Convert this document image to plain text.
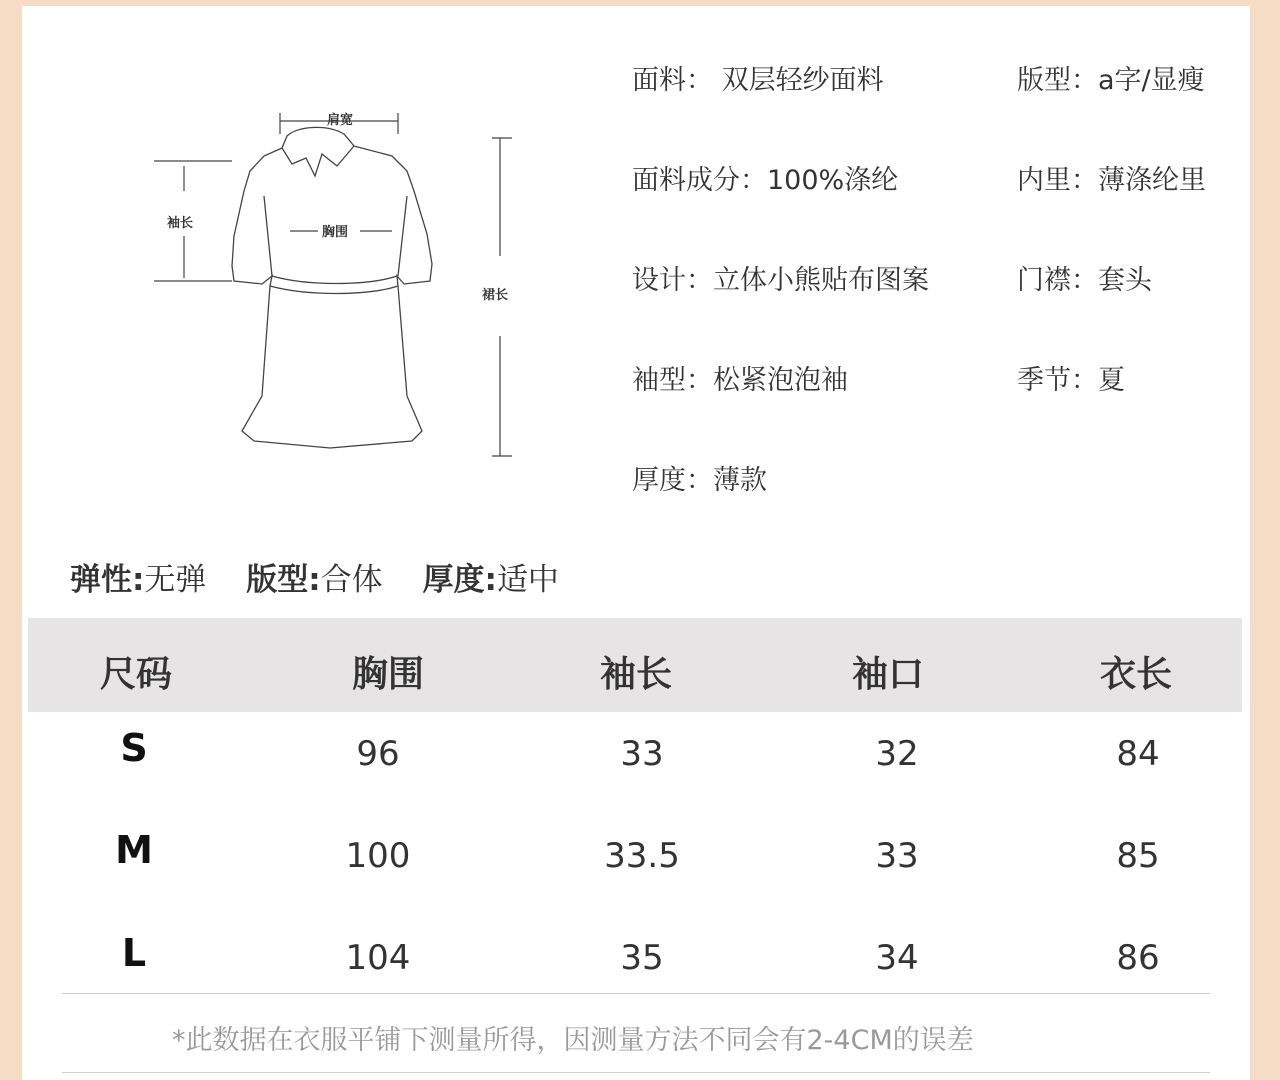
肩宽
袖长
胸围
裙长
面料： 双层轻纱面料	版型：a字/显瘦
面料成分：100%涤纶	内里：薄涤纶里
设计：立体小熊贴布图案	门襟：套头
袖型：松紧泡泡袖	季节：夏
厚度：薄款
弹性:无弹 版型:合体 厚度:适中
尺码	胸围	袖长	袖口	衣长
S	96	33	32	84
M	100	33.5	33	85
L	104	35	34	86
*此数据在衣服平铺下测量所得，因测量方法不同会有2-4CM的误差
